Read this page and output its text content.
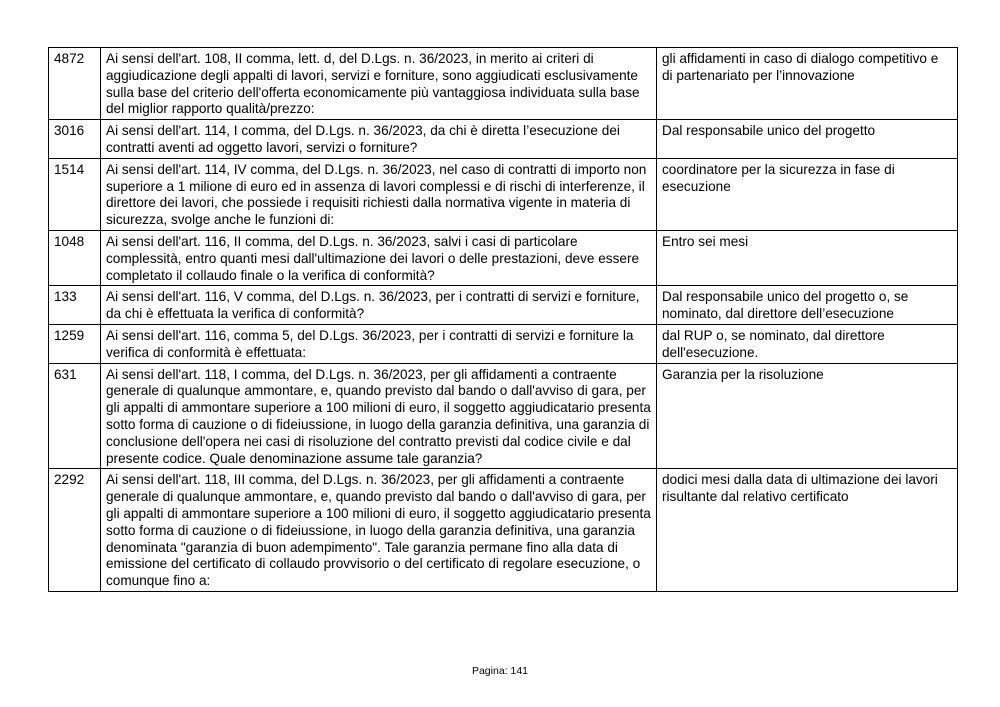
4872	Ai sensi dell'art. 108, II comma, lett. d, del D.Lgs. n. 36/2023, in merito ai criteri di aggiudicazione degli appalti di lavori, servizi e forniture, sono aggiudicati esclusivamente sulla base del criterio dell'offerta economicamente più vantaggiosa individuata sulla base del miglior rapporto qualità/prezzo:	gli affidamenti in caso di dialogo competitivo e di partenariato per l’innovazione
3016	Ai sensi dell'art. 114, I comma, del D.Lgs. n. 36/2023, da chi è diretta l’esecuzione dei contratti aventi ad oggetto lavori, servizi o forniture?	Dal responsabile unico del progetto
1514	Ai sensi dell'art. 114, IV comma, del D.Lgs. n. 36/2023, nel caso di contratti di importo non superiore a 1 milione di euro ed in assenza di lavori complessi e di rischi di interferenze, il direttore dei lavori, che possiede i requisiti richiesti dalla normativa vigente in materia di sicurezza, svolge anche le funzioni di:	coordinatore per la sicurezza in fase di esecuzione
1048	Ai sensi dell'art. 116, II comma, del D.Lgs. n. 36/2023, salvi i casi di particolare complessità, entro quanti mesi dall'ultimazione dei lavori o delle prestazioni, deve essere completato il collaudo finale o la verifica di conformità?	Entro sei mesi
133	Ai sensi dell'art. 116, V comma, del D.Lgs. n. 36/2023, per i contratti di servizi e forniture, da chi è effettuata la verifica di conformità?	Dal responsabile unico del progetto o, se nominato, dal direttore dell’esecuzione
1259	Ai sensi dell'art. 116, comma 5, del D.Lgs. 36/2023, per i contratti di servizi e forniture la verifica di conformità è effettuata:	dal RUP o, se nominato, dal direttore dell'esecuzione.
631	Ai sensi dell'art. 118, I comma, del D.Lgs. n. 36/2023, per gli affidamenti a contraente generale di qualunque ammontare, e, quando previsto dal bando o dall'avviso di gara, per gli appalti di ammontare superiore a 100 milioni di euro, il soggetto aggiudicatario presenta sotto forma di cauzione o di fideiussione, in luogo della garanzia definitiva, una garanzia di conclusione dell'opera nei casi di risoluzione del contratto previsti dal codice civile e dal presente codice. Quale denominazione assume tale garanzia?	Garanzia per la risoluzione
2292	Ai sensi dell'art. 118, III comma, del D.Lgs. n. 36/2023, per gli affidamenti a contraente generale di qualunque ammontare, e, quando previsto dal bando o dall'avviso di gara, per gli appalti di ammontare superiore a 100 milioni di euro, il soggetto aggiudicatario presenta sotto forma di cauzione o di fideiussione, in luogo della garanzia definitiva, una garanzia denominata "garanzia di buon adempimento". Tale garanzia permane fino alla data di emissione del certificato di collaudo provvisorio o del certificato di regolare esecuzione, o comunque fino a:	dodici mesi dalla data di ultimazione dei lavori risultante dal relativo certificato
Pagina: 141
